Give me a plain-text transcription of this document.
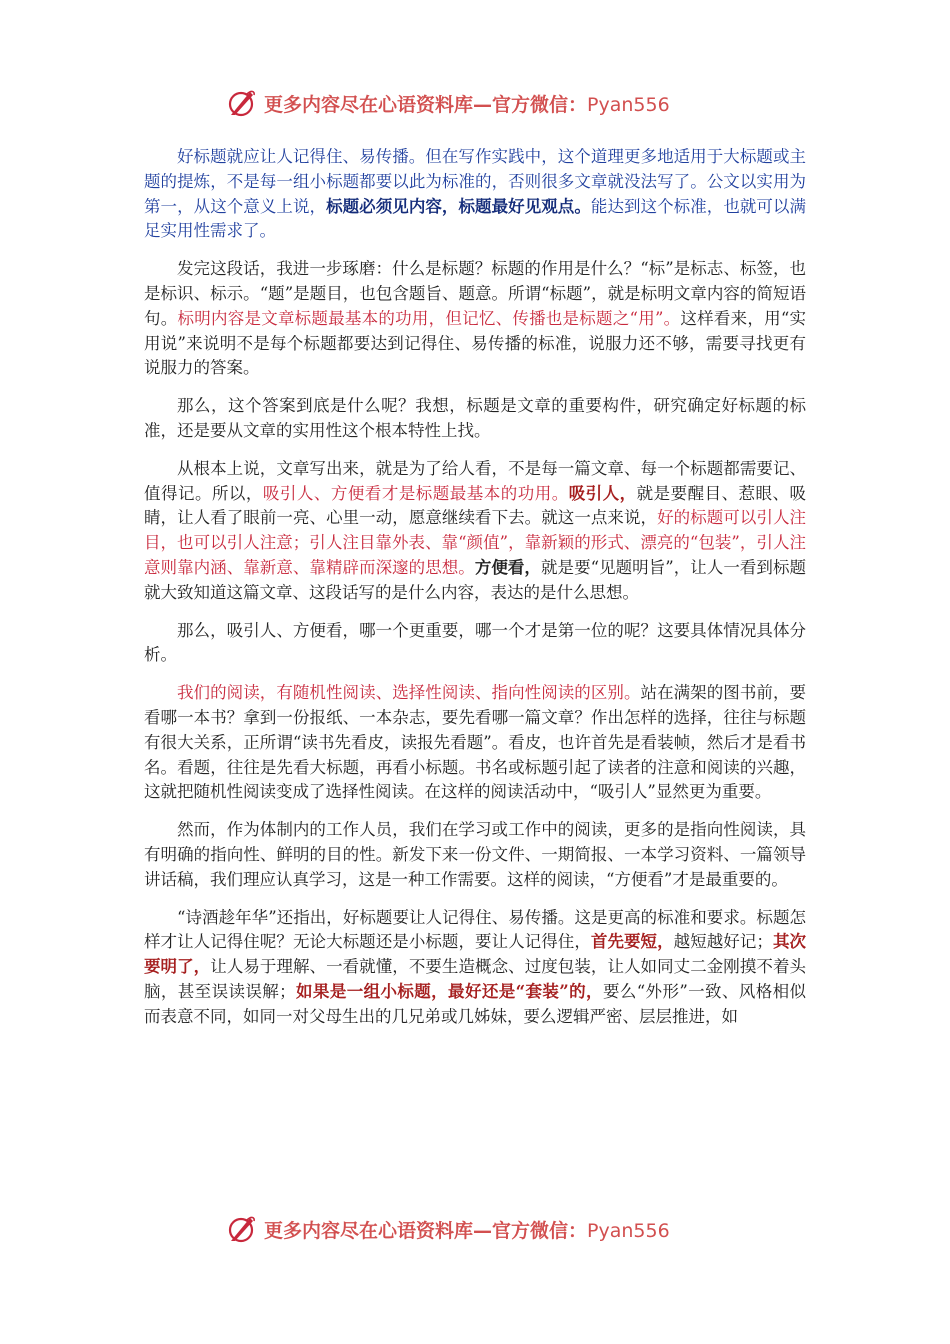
更多内容尽在心语资料库—官方微信：Pyan556

好标题就应让人记得住、易传播。但在写作实践中，这个道理更多地适用于大标题或主题的提炼，不是每一组小标题都要以此为标准的，否则很多文章就没法写了。公文以实用为第一，从这个意义上说，标题必须见内容，标题最好见观点。能达到这个标准，也就可以满足实用性需求了。

发完这段话，我进一步琢磨：什么是标题？标题的作用是什么？“标”是标志、标签，也是标识、标示。“题”是题目，也包含题旨、题意。所谓“标题”，就是标明文章内容的简短语句。标明内容是文章标题最基本的功用，但记忆、传播也是标题之“用”。这样看来，用“实用说”来说明不是每个标题都要达到记得住、易传播的标准，说服力还不够，需要寻找更有说服力的答案。

那么，这个答案到底是什么呢？我想，标题是文章的重要构件，研究确定好标题的标准，还是要从文章的实用性这个根本特性上找。

从根本上说，文章写出来，就是为了给人看，不是每一篇文章、每一个标题都需要记、值得记。所以，吸引人、方便看才是标题最基本的功用。吸引人，就是要醒目、惹眼、吸睛，让人看了眼前一亮、心里一动，愿意继续看下去。就这一点来说，好的标题可以引人注目，也可以引人注意；引人注目靠外表、靠“颜值”，靠新颖的形式、漂亮的“包装”，引人注意则靠内涵、靠新意、靠精辟而深邃的思想。方便看，就是要“见题明旨”，让人一看到标题就大致知道这篇文章、这段话写的是什么内容，表达的是什么思想。

那么，吸引人、方便看，哪一个更重要，哪一个才是第一位的呢？这要具体情况具体分析。

我们的阅读，有随机性阅读、选择性阅读、指向性阅读的区别。站在满架的图书前，要看哪一本书？拿到一份报纸、一本杂志，要先看哪一篇文章？作出怎样的选择，往往与标题有很大关系，正所谓“读书先看皮，读报先看题”。看皮，也许首先是看装帧，然后才是看书名。看题，往往是先看大标题，再看小标题。书名或标题引起了读者的注意和阅读的兴趣，这就把随机性阅读变成了选择性阅读。在这样的阅读活动中，“吸引人”显然更为重要。

然而，作为体制内的工作人员，我们在学习或工作中的阅读，更多的是指向性阅读，具有明确的指向性、鲜明的目的性。新发下来一份文件、一期简报、一本学习资料、一篇领导讲话稿，我们理应认真学习，这是一种工作需要。这样的阅读，“方便看”才是最重要的。

“诗酒趁年华”还指出，好标题要让人记得住、易传播。这是更高的标准和要求。标题怎样才让人记得住呢？无论大标题还是小标题，要让人记得住，首先要短，越短越好记；其次要明了，让人易于理解、一看就懂，不要生造概念、过度包装，让人如同丈二金刚摸不着头脑，甚至误读误解；如果是一组小标题，最好还是“套装”的，要么“外形”一致、风格相似而表意不同，如同一对父母生出的几兄弟或几姊妹，要么逻辑严密、层层推进，如

更多内容尽在心语资料库—官方微信：Pyan556
